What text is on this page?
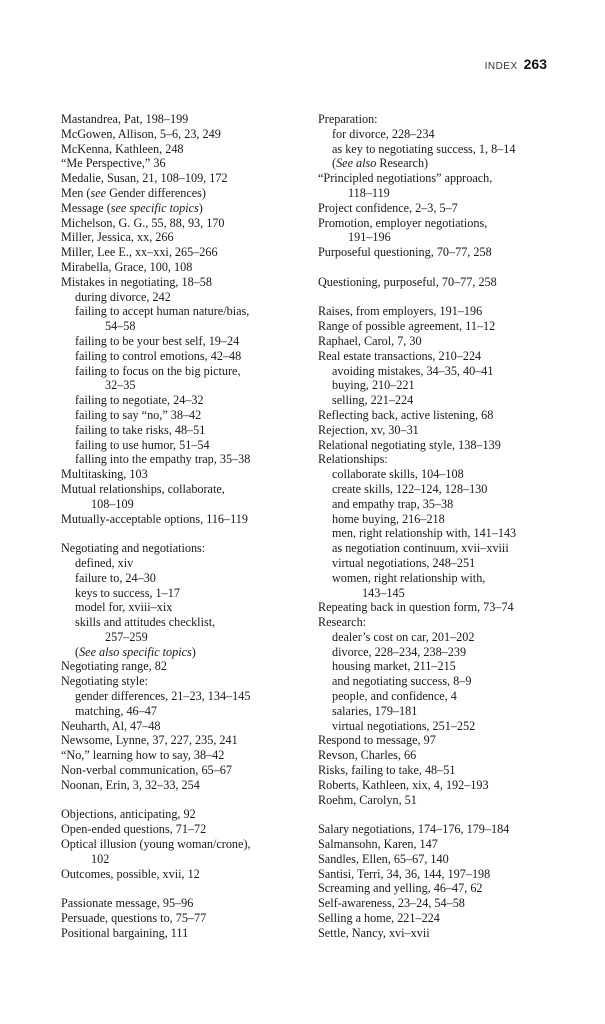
INDEX 263
Mastandrea, Pat, 198–199
McGowen, Allison, 5–6, 23, 249
McKenna, Kathleen, 248
“Me Perspective,” 36
Medalie, Susan, 21, 108–109, 172
Men (see Gender differences)
Message (see specific topics)
Michelson, G. G., 55, 88, 93, 170
Miller, Jessica, xx, 266
Miller, Lee E., xx–xxi, 265–266
Mirabella, Grace, 100, 108
Mistakes in negotiating, 18–58
during divorce, 242
failing to accept human nature/bias,
54–58
failing to be your best self, 19–24
failing to control emotions, 42–48
failing to focus on the big picture,
32–35
failing to negotiate, 24–32
failing to say “no,” 38–42
failing to take risks, 48–51
failing to use humor, 51–54
falling into the empathy trap, 35–38
Multitasking, 103
Mutual relationships, collaborate,
108–109
Mutually-acceptable options, 116–119
Negotiating and negotiations:
defined, xiv
failure to, 24–30
keys to success, 1–17
model for, xviii–xix
skills and attitudes checklist,
257–259
(See also specific topics)
Negotiating range, 82
Negotiating style:
gender differences, 21–23, 134–145
matching, 46–47
Neuharth, Al, 47–48
Newsome, Lynne, 37, 227, 235, 241
“No,” learning how to say, 38–42
Non-verbal communication, 65–67
Noonan, Erin, 3, 32–33, 254
Objections, anticipating, 92
Open-ended questions, 71–72
Optical illusion (young woman/crone),
102
Outcomes, possible, xvii, 12
Passionate message, 95–96
Persuade, questions to, 75–77
Positional bargaining, 111
Preparation:
for divorce, 228–234
as key to negotiating success, 1, 8–14
(See also Research)
“Principled negotiations” approach,
118–119
Project confidence, 2–3, 5–7
Promotion, employer negotiations,
191–196
Purposeful questioning, 70–77, 258
Questioning, purposeful, 70–77, 258
Raises, from employers, 191–196
Range of possible agreement, 11–12
Raphael, Carol, 7, 30
Real estate transactions, 210–224
avoiding mistakes, 34–35, 40–41
buying, 210–221
selling, 221–224
Reflecting back, active listening, 68
Rejection, xv, 30–31
Relational negotiating style, 138–139
Relationships:
collaborate skills, 104–108
create skills, 122–124, 128–130
and empathy trap, 35–38
home buying, 216–218
men, right relationship with, 141–143
as negotiation continuum, xvii–xviii
virtual negotiations, 248–251
women, right relationship with,
143–145
Repeating back in question form, 73–74
Research:
dealer’s cost on car, 201–202
divorce, 228–234, 238–239
housing market, 211–215
and negotiating success, 8–9
people, and confidence, 4
salaries, 179–181
virtual negotiations, 251–252
Respond to message, 97
Revson, Charles, 66
Risks, failing to take, 48–51
Roberts, Kathleen, xix, 4, 192–193
Roehm, Carolyn, 51
Salary negotiations, 174–176, 179–184
Salmansohn, Karen, 147
Sandles, Ellen, 65–67, 140
Santisi, Terri, 34, 36, 144, 197–198
Screaming and yelling, 46–47, 62
Self-awareness, 23–24, 54–58
Selling a home, 221–224
Settle, Nancy, xvi–xvii
